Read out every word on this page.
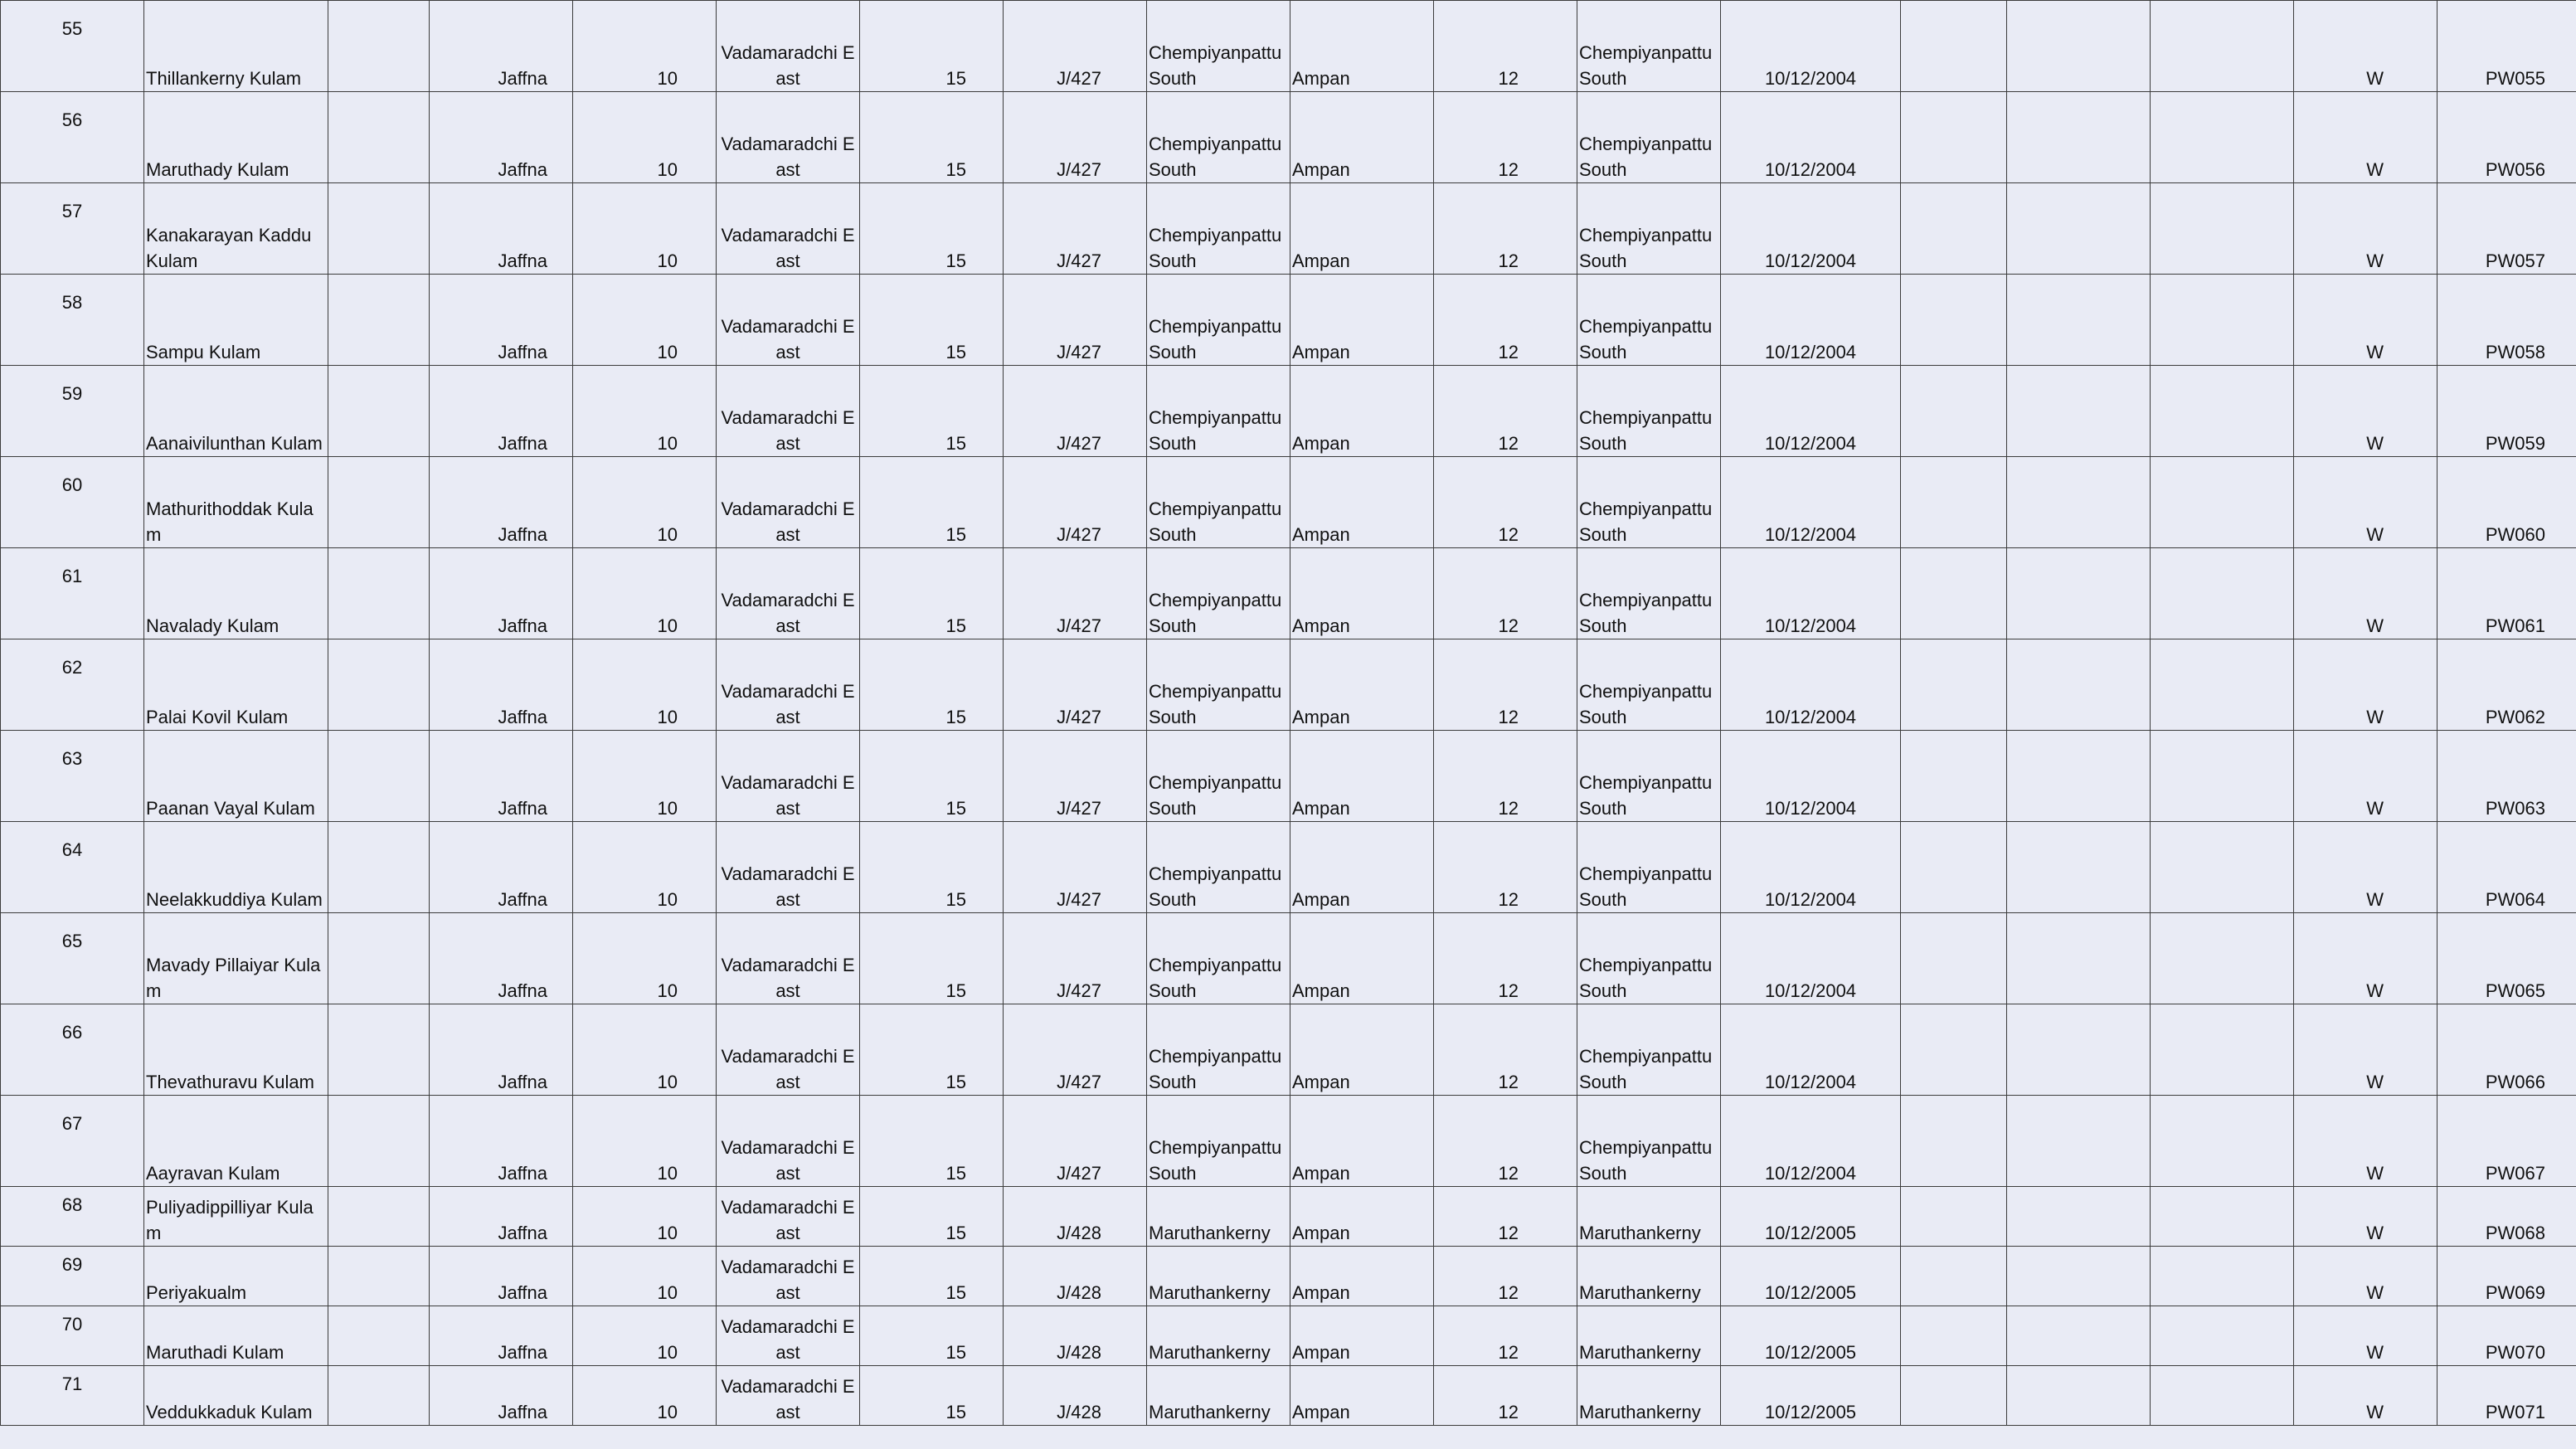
55	Thillankerny Kulam		Jaffna	10	Vadamaradchi East	15	J/427	Chempiyanpattu South	Ampan	12	Chempiyanpattu South	10/12/2004				W	PW055

56	Maruthady Kulam		Jaffna	10	Vadamaradchi East	15	J/427	Chempiyanpattu South	Ampan	12	Chempiyanpattu South	10/12/2004				W	PW056

57	Kanakarayan Kaddu Kulam		Jaffna	10	Vadamaradchi East	15	J/427	Chempiyanpattu South	Ampan	12	Chempiyanpattu South	10/12/2004				W	PW057

58	Sampu Kulam		Jaffna	10	Vadamaradchi East	15	J/427	Chempiyanpattu South	Ampan	12	Chempiyanpattu South	10/12/2004				W	PW058

59	Aanaivilunthan Kulam		Jaffna	10	Vadamaradchi East	15	J/427	Chempiyanpattu South	Ampan	12	Chempiyanpattu South	10/12/2004				W	PW059

60	Mathurithoddak Kulam		Jaffna	10	Vadamaradchi East	15	J/427	Chempiyanpattu South	Ampan	12	Chempiyanpattu South	10/12/2004				W	PW060

61	Navalady Kulam		Jaffna	10	Vadamaradchi East	15	J/427	Chempiyanpattu South	Ampan	12	Chempiyanpattu South	10/12/2004				W	PW061

62	Palai Kovil Kulam		Jaffna	10	Vadamaradchi East	15	J/427	Chempiyanpattu South	Ampan	12	Chempiyanpattu South	10/12/2004				W	PW062

63	Paanan Vayal Kulam		Jaffna	10	Vadamaradchi East	15	J/427	Chempiyanpattu South	Ampan	12	Chempiyanpattu South	10/12/2004				W	PW063

64	Neelakkuddiya Kulam		Jaffna	10	Vadamaradchi East	15	J/427	Chempiyanpattu South	Ampan	12	Chempiyanpattu South	10/12/2004				W	PW064

65	Mavady Pillaiyar Kulam		Jaffna	10	Vadamaradchi East	15	J/427	Chempiyanpattu South	Ampan	12	Chempiyanpattu South	10/12/2004				W	PW065

66	Thevathuravu Kulam		Jaffna	10	Vadamaradchi East	15	J/427	Chempiyanpattu South	Ampan	12	Chempiyanpattu South	10/12/2004				W	PW066

67	Aayravan Kulam		Jaffna	10	Vadamaradchi East	15	J/427	Chempiyanpattu South	Ampan	12	Chempiyanpattu South	10/12/2004				W	PW067

68	Puliyadippilliyar Kulam		Jaffna	10	Vadamaradchi East	15	J/428	Maruthankerny	Ampan	12	Maruthankerny	10/12/2005				W	PW068

69	Periyakualm		Jaffna	10	Vadamaradchi East	15	J/428	Maruthankerny	Ampan	12	Maruthankerny	10/12/2005				W	PW069

70	Maruthadi Kulam		Jaffna	10	Vadamaradchi East	15	J/428	Maruthankerny	Ampan	12	Maruthankerny	10/12/2005				W	PW070

71	Veddukkaduk Kulam		Jaffna	10	Vadamaradchi East	15	J/428	Maruthankerny	Ampan	12	Maruthankerny	10/12/2005				W	PW071
